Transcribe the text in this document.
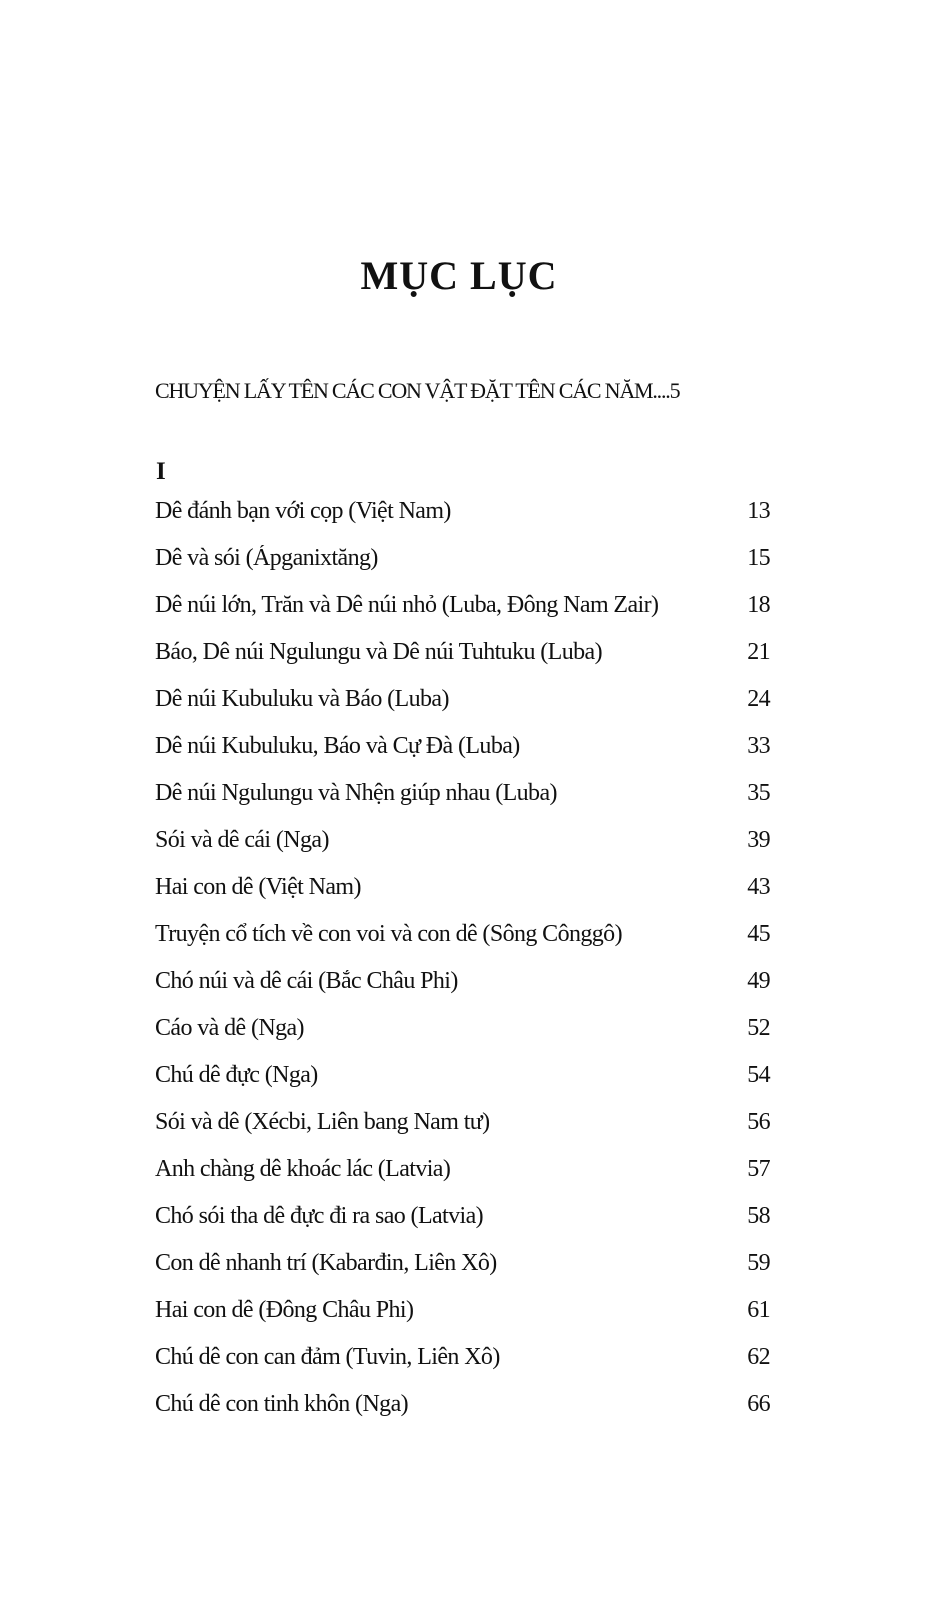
MỤC LỤC
CHUYỆN LẤY TÊN CÁC CON VẬT ĐẶT TÊN CÁC NĂM....5
I
Dê đánh bạn với cọp (Việt Nam)	13
Dê và sói (Ápganixtăng)	15
Dê núi lớn, Trăn và Dê núi nhỏ (Luba, Đông Nam Zair)	18
Báo, Dê núi Ngulungu và Dê núi Tuhtuku (Luba)	21
Dê núi Kubuluku và Báo (Luba)	24
Dê núi Kubuluku, Báo và Cự Đà (Luba)	33
Dê núi Ngulungu và Nhện giúp nhau (Luba)	35
Sói và dê cái (Nga)	39
Hai con dê (Việt Nam)	43
Truyện cổ tích về con voi và con dê (Sông Cônggô)	45
Chó núi và dê cái (Bắc Châu Phi)	49
Cáo và dê (Nga)	52
Chú dê đực (Nga)	54
Sói và dê (Xécbi, Liên bang Nam tư)	56
Anh chàng dê khoác lác (Latvia)	57
Chó sói tha dê đực đi ra sao (Latvia)	58
Con dê nhanh trí (Kabarđin, Liên Xô)	59
Hai con dê (Đông Châu Phi)	61
Chú dê con can đảm (Tuvin, Liên Xô)	62
Chú dê con tinh khôn (Nga)	66
